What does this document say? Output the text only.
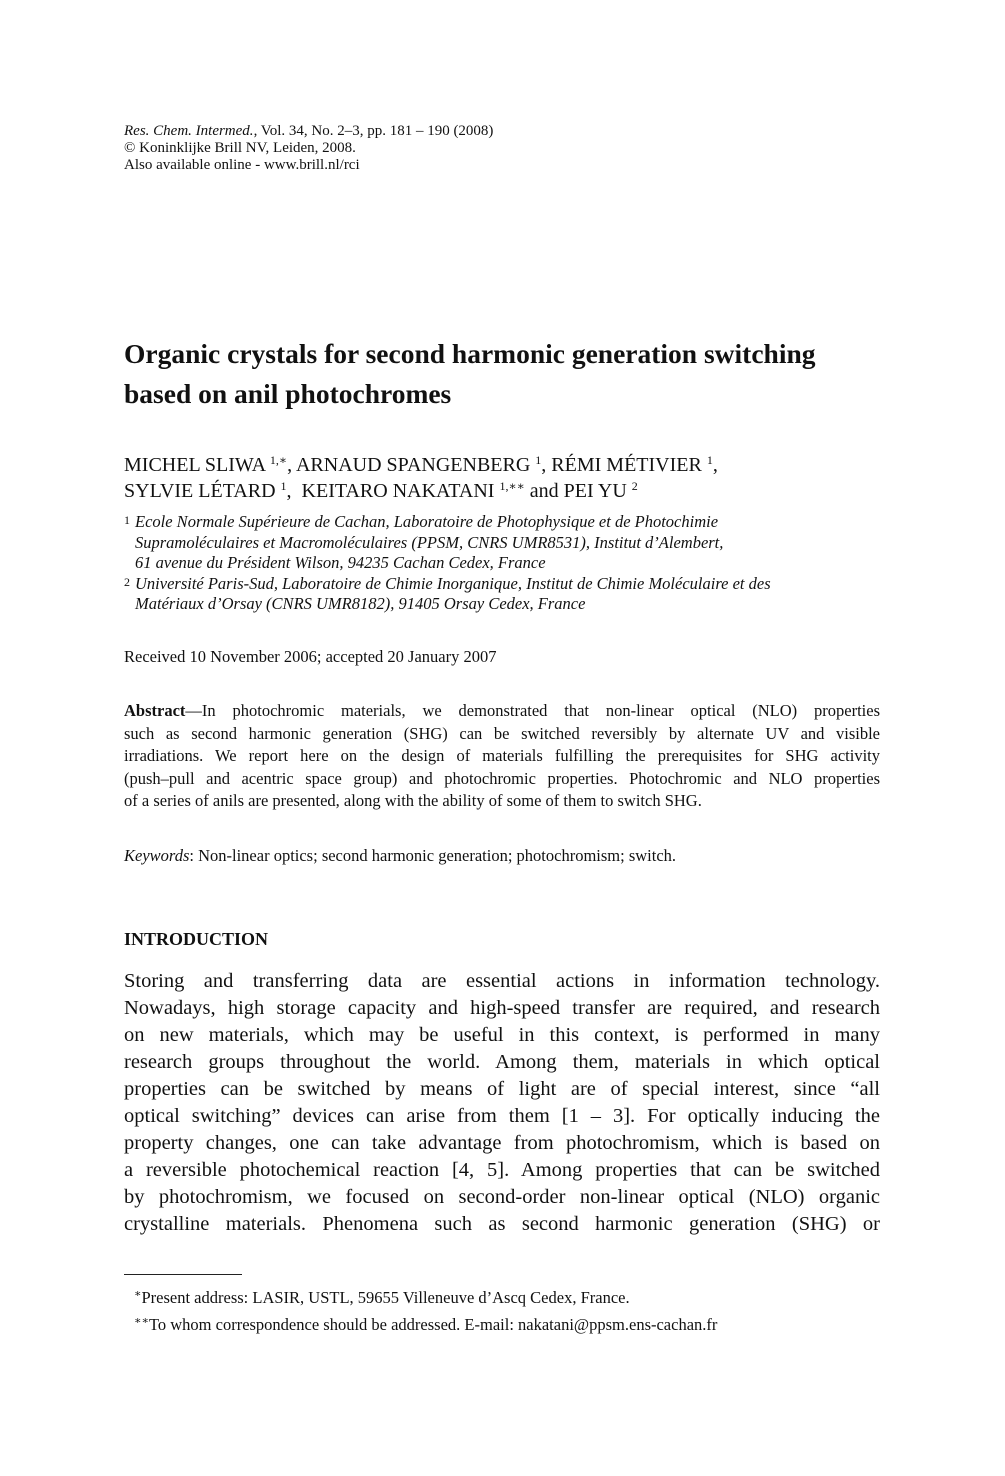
Res. Chem. Intermed., Vol. 34, No. 2–3, pp. 181 – 190 (2008)
© Koninklijke Brill NV, Leiden, 2008.
Also available online - www.brill.nl/rci
Organic crystals for second harmonic generation switching
based on anil photochromes
MICHEL SLIWA $^{1,∗}$, ARNAUD SPANGENBERG $^1$, RÉMI MÉTIVIER $^1$,
SYLVIE LÉTARD $^1$,  KEITARO NAKATANI $^{1,∗∗}$ and PEI YU $^2$
1 Ecole Normale Supérieure de Cachan, Laboratoire de Photophysique et de Photochimie
Supramoléculaires et Macromoléculaires (PPSM, CNRS UMR8531), Institut d’Alembert,
61 avenue du Président Wilson, 94235 Cachan Cedex, France
2 Université Paris-Sud, Laboratoire de Chimie Inorganique, Institut de Chimie Moléculaire et des
Matériaux d’Orsay (CNRS UMR8182), 91405 Orsay Cedex, France
Received 10 November 2006; accepted 20 January 2007
Abstract—In photochromic materials, we demonstrated that non-linear optical (NLO) properties
such as second harmonic generation (SHG) can be switched reversibly by alternate UV and visible
irradiations. We report here on the design of materials fulfilling the prerequisites for SHG activity
(push–pull and acentric space group) and photochromic properties. Photochromic and NLO properties
of a series of anils are presented, along with the ability of some of them to switch SHG.
Keywords: Non-linear optics; second harmonic generation; photochromism; switch.
INTRODUCTION
Storing and transferring data are essential actions in information technology.
Nowadays, high storage capacity and high-speed transfer are required, and research
on new materials, which may be useful in this context, is performed in many
research groups throughout the world. Among them, materials in which optical
properties can be switched by means of light are of special interest, since “all
optical switching” devices can arise from them [1 – 3]. For optically inducing the
property changes, one can take advantage from photochromism, which is based on
a reversible photochemical reaction [4, 5]. Among properties that can be switched
by photochromism, we focused on second-order non-linear optical (NLO) organic
crystalline materials. Phenomena such as second harmonic generation (SHG) or
∗Present address: LASIR, USTL, 59655 Villeneuve d’Ascq Cedex, France.
∗∗To whom correspondence should be addressed. E-mail: nakatani@ppsm.ens-cachan.fr
